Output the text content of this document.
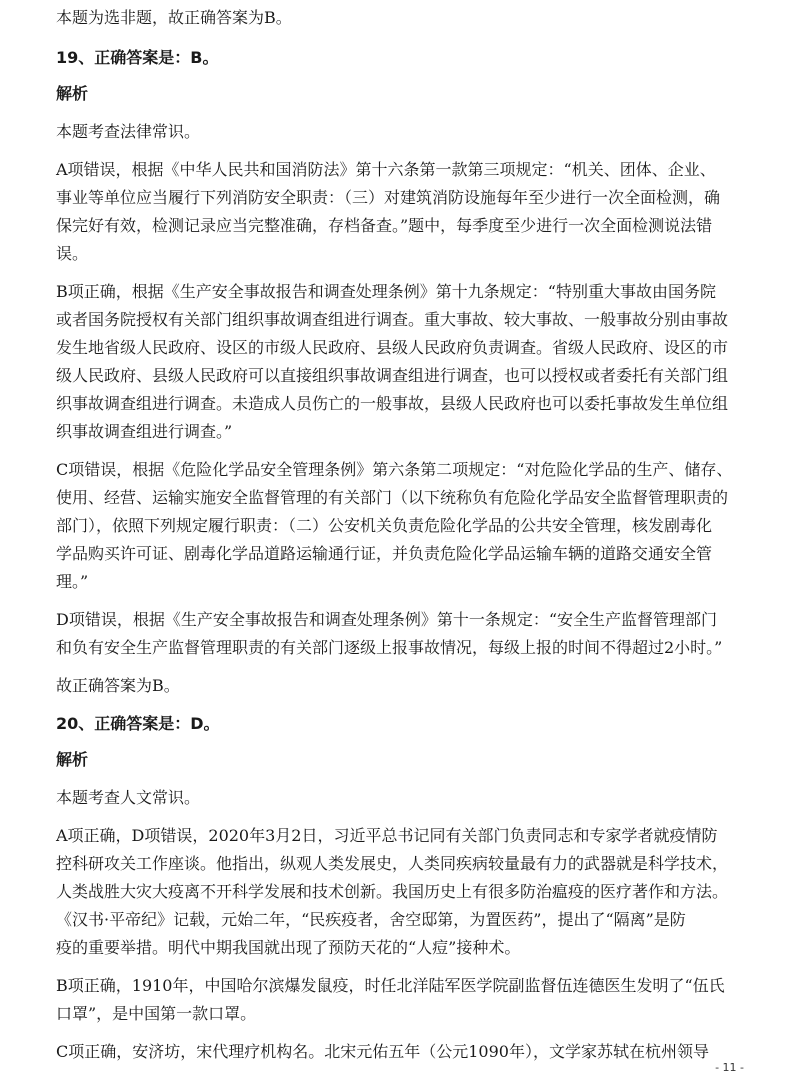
本题为选非题，故正确答案为B。

19、正确答案是：B。

解析

本题考查法律常识。

A项错误，根据《中华人民共和国消防法》第十六条第一款第三项规定：“机关、团体、企业、

事业等单位应当履行下列消防安全职责：（三）对建筑消防设施每年至少进行一次全面检测，确

保完好有效，检测记录应当完整准确，存档备查。”题中，每季度至少进行一次全面检测说法错

误。

B项正确，根据《生产安全事故报告和调查处理条例》第十九条规定：“特别重大事故由国务院

或者国务院授权有关部门组织事故调查组进行调查。重大事故、较大事故、一般事故分别由事故

发生地省级人民政府、设区的市级人民政府、县级人民政府负责调查。省级人民政府、设区的市

级人民政府、县级人民政府可以直接组织事故调查组进行调查，也可以授权或者委托有关部门组

织事故调查组进行调查。未造成人员伤亡的一般事故，县级人民政府也可以委托事故发生单位组

织事故调查组进行调查。”

C项错误，根据《危险化学品安全管理条例》第六条第二项规定：“对危险化学品的生产、储存、

使用、经营、运输实施安全监督管理的有关部门（以下统称负有危险化学品安全监督管理职责的

部门），依照下列规定履行职责：（二）公安机关负责危险化学品的公共安全管理，核发剧毒化

学品购买许可证、剧毒化学品道路运输通行证，并负责危险化学品运输车辆的道路交通安全管

理。”

D项错误，根据《生产安全事故报告和调查处理条例》第十一条规定：“安全生产监督管理部门

和负有安全生产监督管理职责的有关部门逐级上报事故情况，每级上报的时间不得超过2小时。”

故正确答案为B。

20、正确答案是：D。

解析

本题考查人文常识。

A项正确，D项错误，2020年3月2日，习近平总书记同有关部门负责同志和专家学者就疫情防

控科研攻关工作座谈。他指出，纵观人类发展史，人类同疾病较量最有力的武器就是科学技术，

人类战胜大灾大疫离不开科学发展和技术创新。我国历史上有很多防治瘟疫的医疗著作和方法。

《汉书·平帝纪》记载，元始二年，“民疾疫者，舍空邸第，为置医药”，提出了“隔离”是防

疫的重要举措。明代中期我国就出现了预防天花的“人痘”接种术。

B项正确，1910年，中国哈尔滨爆发鼠疫，时任北洋陆军医学院副监督伍连德医生发明了“伍氏

口罩”，是中国第一款口罩。

C项正确，安济坊，宋代理疗机构名。北宋元佑五年（公元1090年），文学家苏轼在杭州领导

- 11 -
